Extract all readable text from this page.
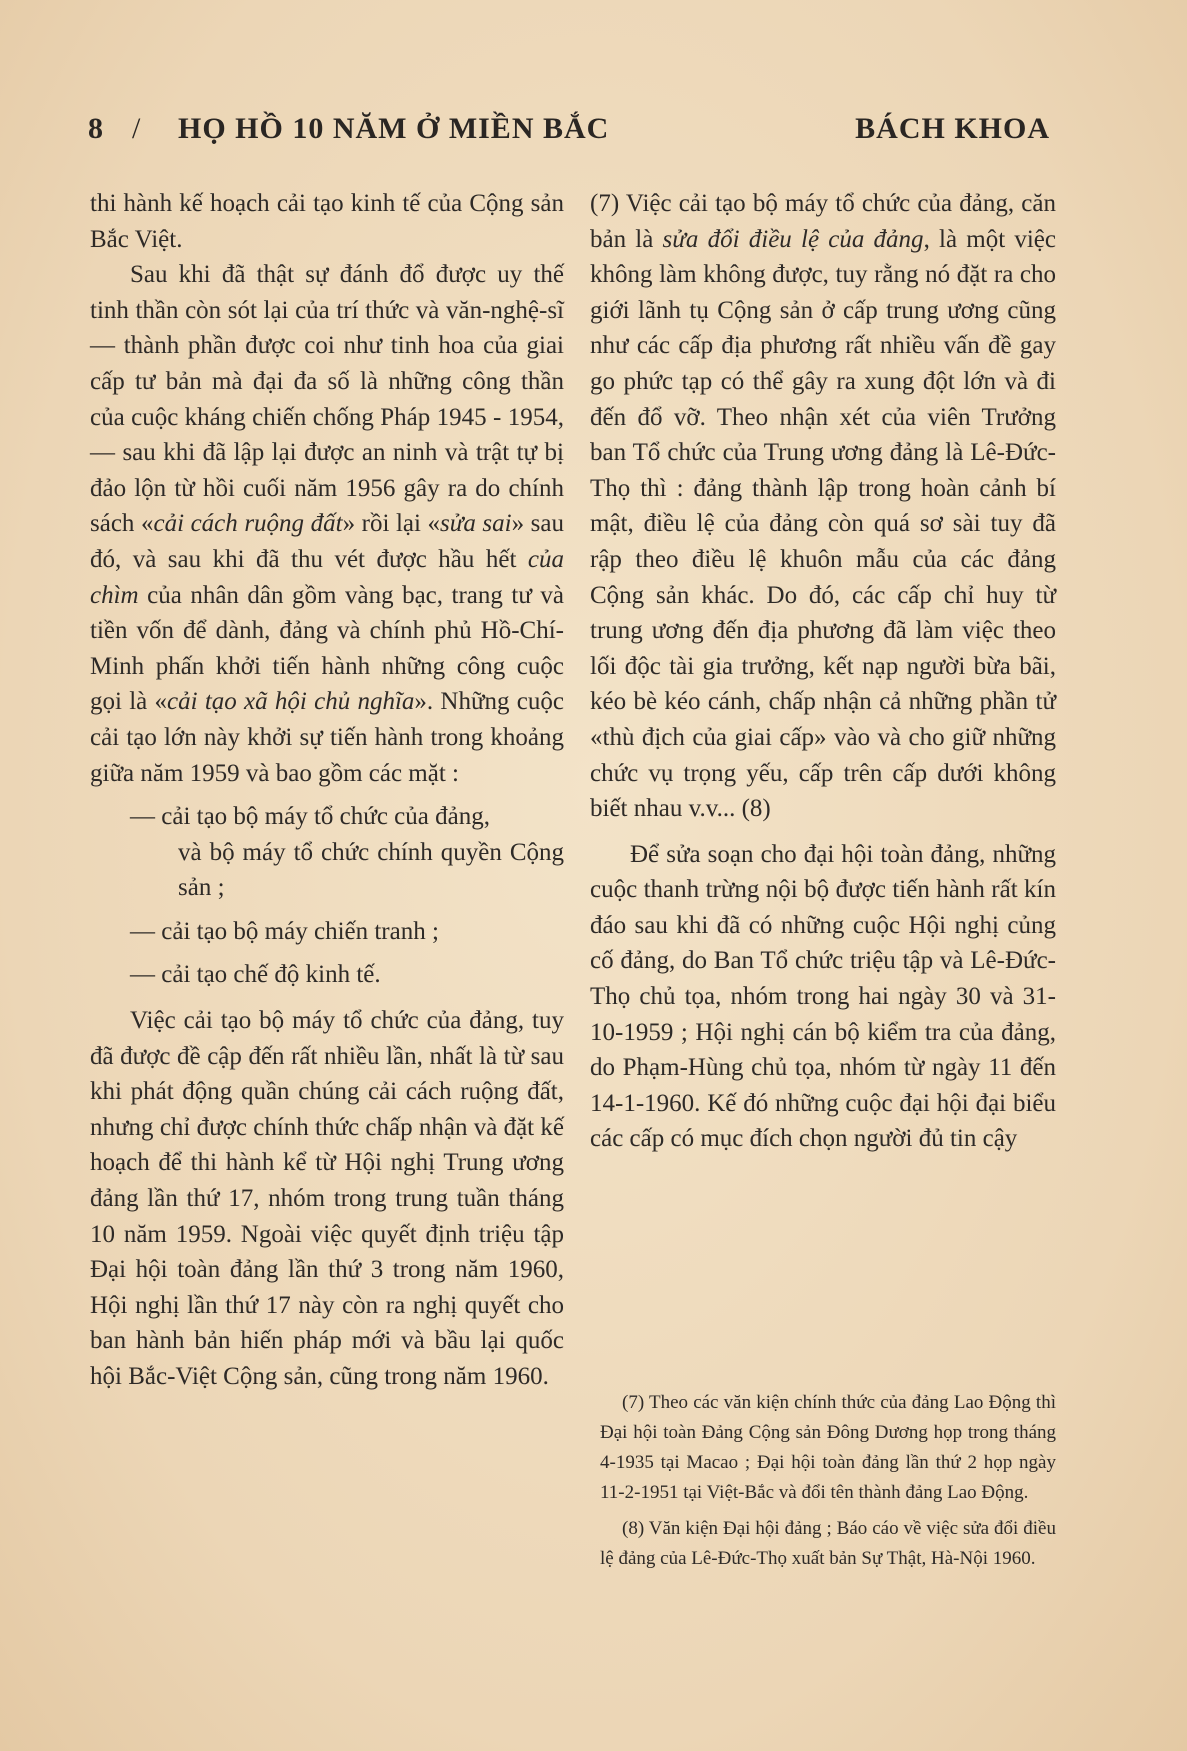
8 / HỌ HỒ 10 NĂM Ở MIỀN BẮC	BÁCH KHOA

thi hành kế hoạch cải tạo kinh tế của Cộng sản Bắc Việt.

Sau khi đã thật sự đánh đổ được uy thế tinh thần còn sót lại của trí thức và văn-nghệ-sĩ — thành phần được coi như tinh hoa của giai cấp tư bản mà đại đa số là những công thần của cuộc kháng chiến chống Pháp 1945 - 1954, — sau khi đã lập lại được an ninh và trật tự bị đảo lộn từ hồi cuối năm 1956 gây ra do chính sách «cải cách ruộng đất» rồi lại «sửa sai» sau đó, và sau khi đã thu vét được hầu hết của chìm của nhân dân gồm vàng bạc, trang tư và tiền vốn để dành, đảng và chính phủ Hồ-Chí-Minh phấn khởi tiến hành những công cuộc gọi là «cải tạo xã hội chủ nghĩa». Những cuộc cải tạo lớn này khởi sự tiến hành trong khoảng giữa năm 1959 và bao gồm các mặt :

— cải tạo bộ máy tổ chức của đảng,

và bộ máy tổ chức chính quyền Cộng sản ;

— cải tạo bộ máy chiến tranh ;

— cải tạo chế độ kinh tế.

Việc cải tạo bộ máy tổ chức của đảng, tuy đã được đề cập đến rất nhiều lần, nhất là từ sau khi phát động quần chúng cải cách ruộng đất, nhưng chỉ được chính thức chấp nhận và đặt kế hoạch để thi hành kể từ Hội nghị Trung ương đảng lần thứ 17, nhóm trong trung tuần tháng 10 năm 1959. Ngoài việc quyết định triệu tập Đại hội toàn đảng lần thứ 3 trong năm 1960, Hội nghị lần thứ 17 này còn ra nghị quyết cho ban hành bản hiến pháp mới và bầu lại quốc hội Bắc-Việt Cộng sản, cũng trong năm 1960.

(7) Việc cải tạo bộ máy tổ chức của đảng, căn bản là sửa đổi điều lệ của đảng, là một việc không làm không được, tuy rằng nó đặt ra cho giới lãnh tụ Cộng sản ở cấp trung ương cũng như các cấp địa phương rất nhiều vấn đề gay go phức tạp có thể gây ra xung đột lớn và đi đến đổ vỡ. Theo nhận xét của viên Trưởng ban Tổ chức của Trung ương đảng là Lê-Đức-Thọ thì : đảng thành lập trong hoàn cảnh bí mật, điều lệ của đảng còn quá sơ sài tuy đã rập theo điều lệ khuôn mẫu của các đảng Cộng sản khác. Do đó, các cấp chỉ huy từ trung ương đến địa phương đã làm việc theo lối độc tài gia trưởng, kết nạp người bừa bãi, kéo bè kéo cánh, chấp nhận cả những phần tử «thù địch của giai cấp» vào và cho giữ những chức vụ trọng yếu, cấp trên cấp dưới không biết nhau v.v... (8)

Để sửa soạn cho đại hội toàn đảng, những cuộc thanh trừng nội bộ được tiến hành rất kín đáo sau khi đã có những cuộc Hội nghị củng cố đảng, do Ban Tổ chức triệu tập và Lê-Đức-Thọ chủ tọa, nhóm trong hai ngày 30 và 31-10-1959 ; Hội nghị cán bộ kiểm tra của đảng, do Phạm-Hùng chủ tọa, nhóm từ ngày 11 đến 14-1-1960. Kế đó những cuộc đại hội đại biểu các cấp có mục đích chọn người đủ tin cậy

(7) Theo các văn kiện chính thức của đảng Lao Động thì Đại hội toàn Đảng Cộng sản Đông Dương họp trong tháng 4-1935 tại Macao ; Đại hội toàn đảng lần thứ 2 họp ngày 11-2-1951 tại Việt-Bắc và đổi tên thành đảng Lao Động.

(8) Văn kiện Đại hội đảng ; Báo cáo về việc sửa đổi điều lệ đảng của Lê-Đức-Thọ xuất bản Sự Thật, Hà-Nội 1960.
